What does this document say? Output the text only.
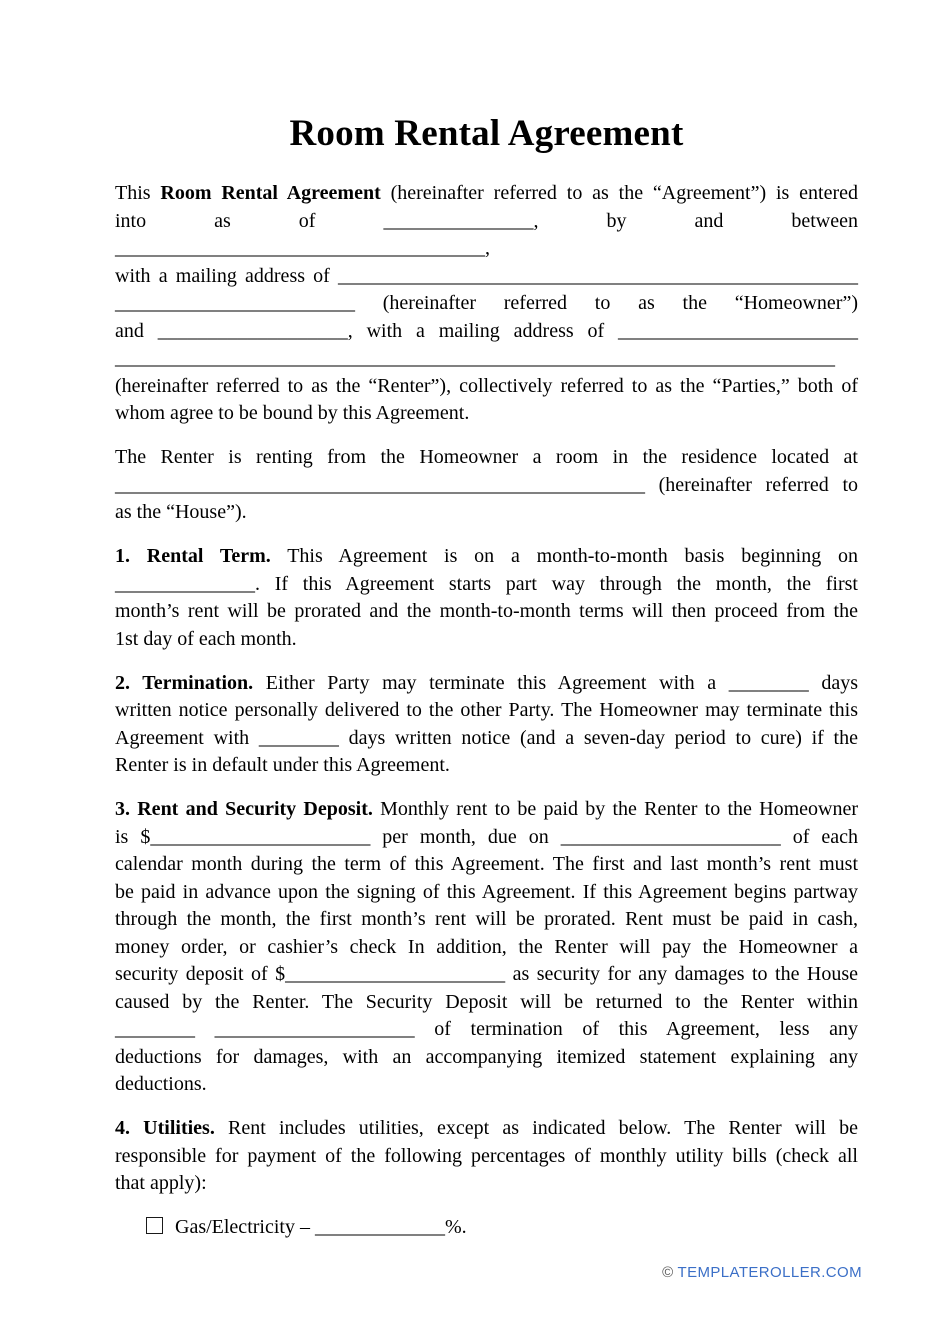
Room Rental Agreement
This Room Rental Agreement (hereinafter referred to as the “Agreement”) is entered
into as of _______________, by and between _____________________________________,
with a mailing address of ____________________________________________________
________________________ (hereinafter referred to as the “Homeowner”)
and ___________________, with a mailing address of ________________________
________________________________________________________________________
(hereinafter referred to as the “Renter”), collectively referred to as the “Parties,” both of
whom agree to be bound by this Agreement.
The Renter is renting from the Homeowner a room in the residence located at
_____________________________________________________ (hereinafter referred to
as the “House”).
1. Rental Term. This Agreement is on a month-to-month basis beginning on
______________. If this Agreement starts part way through the month, the first
month’s rent will be prorated and the month-to-month terms will then proceed from the
1st day of each month.
2. Termination. Either Party may terminate this Agreement with a ________ days
written notice personally delivered to the other Party. The Homeowner may terminate this
Agreement with ________ days written notice (and a seven-day period to cure) if the
Renter is in default under this Agreement.
3. Rent and Security Deposit. Monthly rent to be paid by the Renter to the Homeowner
is $______________________ per month, due on ______________________ of each
calendar month during the term of this Agreement. The first and last month’s rent must
be paid in advance upon the signing of this Agreement. If this Agreement begins partway
through the month, the first month’s rent will be prorated. Rent must be paid in cash,
money order, or cashier’s check In addition, the Renter will pay the Homeowner a
security deposit of $______________________ as security for any damages to the House
caused by the Renter. The Security Deposit will be returned to the Renter within
________ ____________________ of termination of this Agreement, less any
deductions for damages, with an accompanying itemized statement explaining any
deductions.
4. Utilities. Rent includes utilities, except as indicated below. The Renter will be
responsible for payment of the following percentages of monthly utility bills (check all
that apply):
Gas/Electricity – _____________%.
© TEMPLATEROLLER.COM
